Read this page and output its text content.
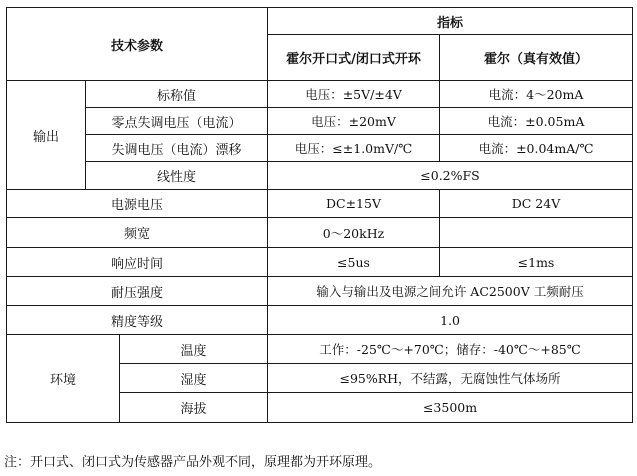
技术参数			指标	
			霍尔开口式/闭口式开环	霍尔（真有效值）
输出	标称值		电压：±5V/±4V	电流：4～20mA
	零点失调电压（电流）		电压：±20mV	电流：±0.05mA
	失调电压（电流）漂移		电压：≤±1.0mV/℃	电流：±0.04mA/℃
	线性度		≤0.2%FS	
电源电压			DC±15V	DC 24V
频宽			0～20kHz	
响应时间			≤5us	≤1ms
耐压强度			输入与输出及电源之间允许 AC2500V 工频耐压	
精度等级			1.0	
环境		温度	工作：-25℃～+70℃；储存：-40℃～+85℃	
		湿度	≤95%RH，不结露，无腐蚀性气体场所	
		海拔	≤3500m	
注：开口式、闭口式为传感器产品外观不同，原理都为开环原理。
